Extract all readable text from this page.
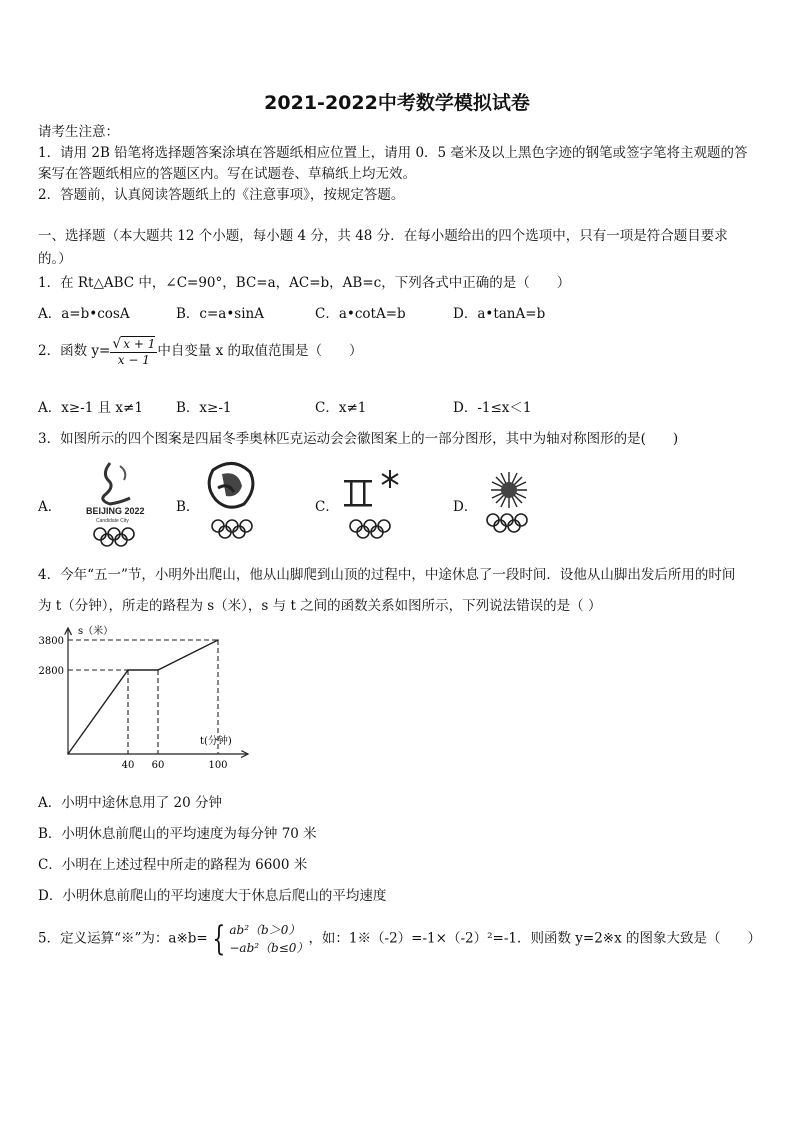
2021-2022中考数学模拟试卷
请考生注意：
1．请用 2B 铅笔将选择题答案涂填在答题纸相应位置上，请用 0．5 毫米及以上黑色字迹的钢笔或签字笔将主观题的答
案写在答题纸相应的答题区内。写在试题卷、草稿纸上均无效。
2．答题前，认真阅读答题纸上的《注意事项》，按规定答题。
一、选择题（本大题共 12 个小题，每小题 4 分，共 48 分．在每小题给出的四个选项中，只有一项是符合题目要求
的。）
1．在 Rt△ABC 中，∠C=90°，BC=a，AC=b，AB=c，下列各式中正确的是（　　）
A．a=b•cosA	B．c=a•sinA	C．a•cotA=b	D．a•tanA=b
2．函数 $y= \frac{√ x + 1}{x - 1}$ 中自变量 x 的取值范围是（　　）
A．x≥-1 且 x≠1 B．x≥-1	C．x≠1	D．-1≤x＜1
3．如图所示的四个图案是四届冬季奥林匹克运动会会徽图案上的一部分图形，其中为轴对称图形的是(　　)
A．	BEIJING 2022
Candidate City
B．	C．	D．
4．今年“五一”节，小明外出爬山，他从山脚爬到山顶的过程中，中途休息了一段时间．设他从山脚出发后所用的时间
为 t（分钟），所走的路程为 s（米），s 与 t 之间的函数关系如图所示，下列说法错误的是（ ）
s（米）
t(分钟)
40 60	100
3800
2800
A．小明中途休息用了 20 分钟
B．小明休息前爬山的平均速度为每分钟 70 米
C．小明在上述过程中所走的路程为 6600 米
D．小明休息前爬山的平均速度大于休息后爬山的平均速度
5．定义运算“※”为：a※b= { ab²（b＞0）
−ab²（b≤0）
，如：1※（-2）=-1×（-2）²=-1．则函数 y=2※x 的图象大致是（　　）
